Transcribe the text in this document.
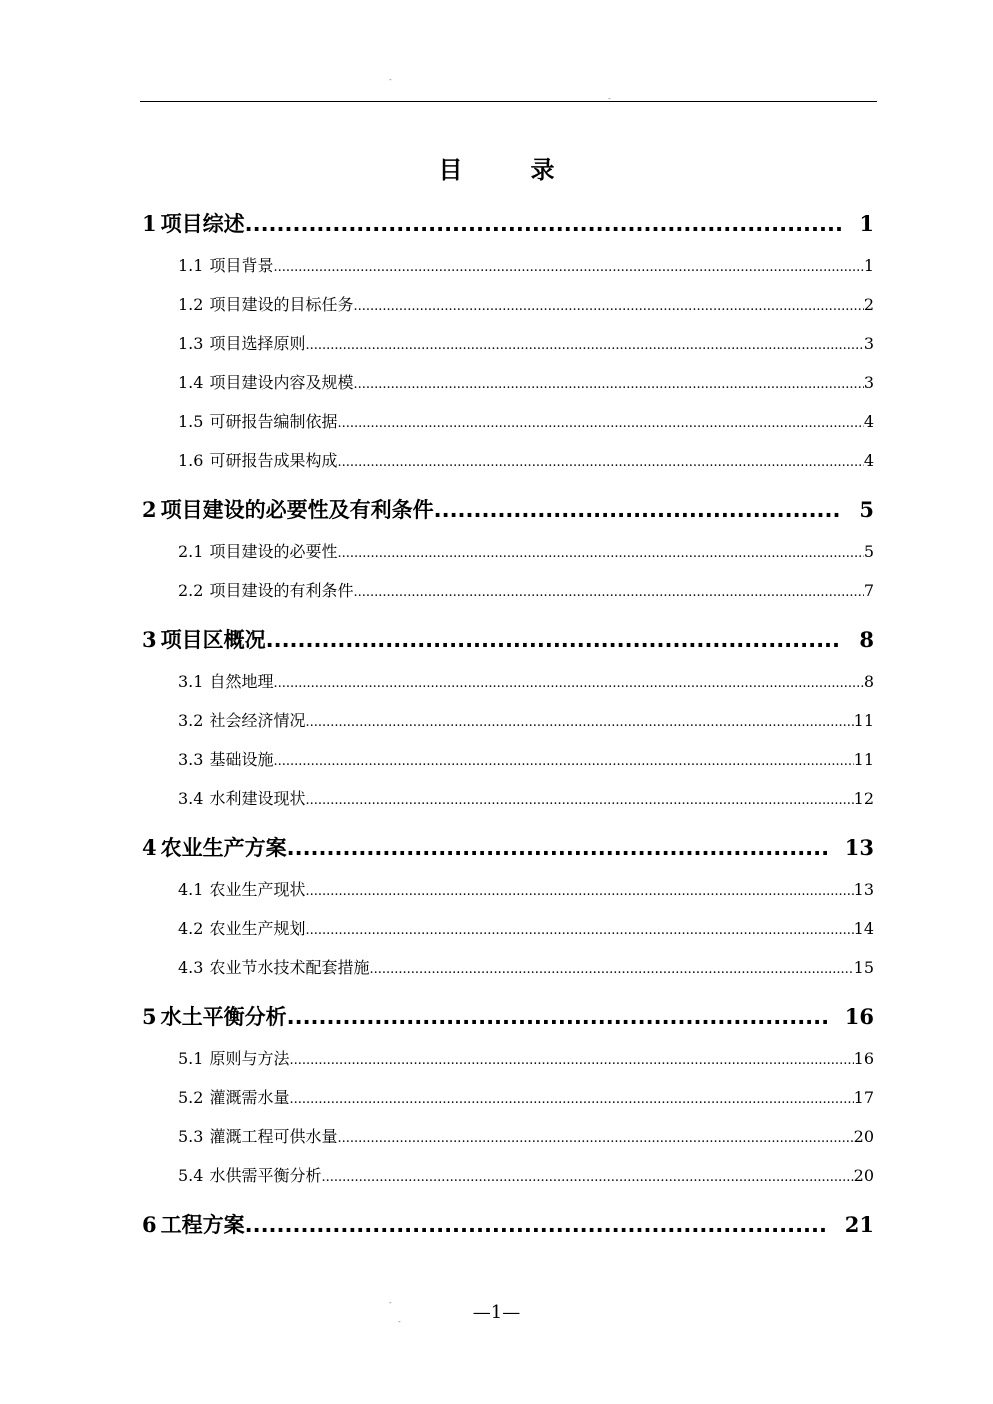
-
-
目录
1 项目综述 .....	1
1.1 项目背景 .....	1
1.2 项目建设的目标任务 .....	2
1.3 项目选择原则 .....	3
1.4 项目建设内容及规模 .....	3
1.5 可研报告编制依据 .....	4
1.6 可研报告成果构成 .....	4
2 项目建设的必要性及有利条件 .....	5
2.1 项目建设的必要性 .....	5
2.2 项目建设的有利条件 .....	7
3 项目区概况 .....	8
3.1 自然地理 .....	8
3.2 社会经济情况 .....	11
3.3 基础设施 .....	11
3.4 水利建设现状 .....	12
4 农业生产方案 .....	13
4.1 农业生产现状 .....	13
4.2 农业生产规划 .....	14
4.3 农业节水技术配套措施 .....	15
5 水土平衡分析 .....	16
5.1 原则与方法 .....	16
5.2 灌溉需水量 .....	17
5.3 灌溉工程可供水量 .....	20
5.4 水供需平衡分析 .....	20
6 工程方案 .....	21
-
-	—1—
